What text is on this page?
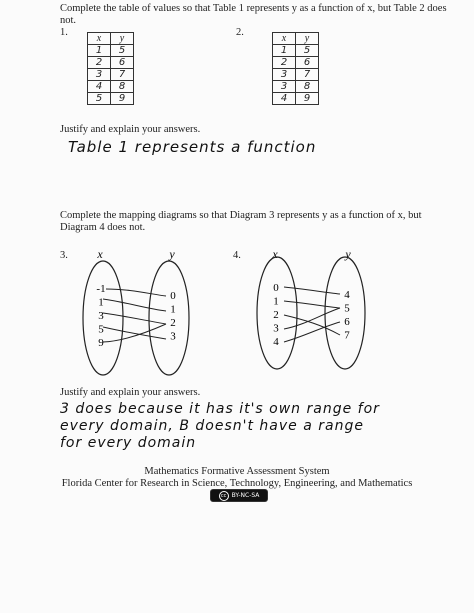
Complete the table of values so that Table 1 represents y as a function of x, but Table 2 does not.
1.
x	y
1	5
2	6
3	7
4	8
5	9
2.
x	y
1	5
2	6
3	7
3	8
4	9
Justify and explain your answers.
Table 1 represents a function
Complete the mapping diagrams so that Diagram 3 represents y as a function of x, but Diagram 4 does not.
3.	4.
x	y	x	y
-1
1
3
5
9
0
1
2
3
0
1
2
3
4
4
5
6
7
Justify and explain your answers.
3 does because it has it's own range for
every domain, B doesn't have a range
for every domain
Mathematics Formative Assessment System
Florida Center for Research in Science, Technology, Engineering, and Mathematics
cc BY-NC-SA
